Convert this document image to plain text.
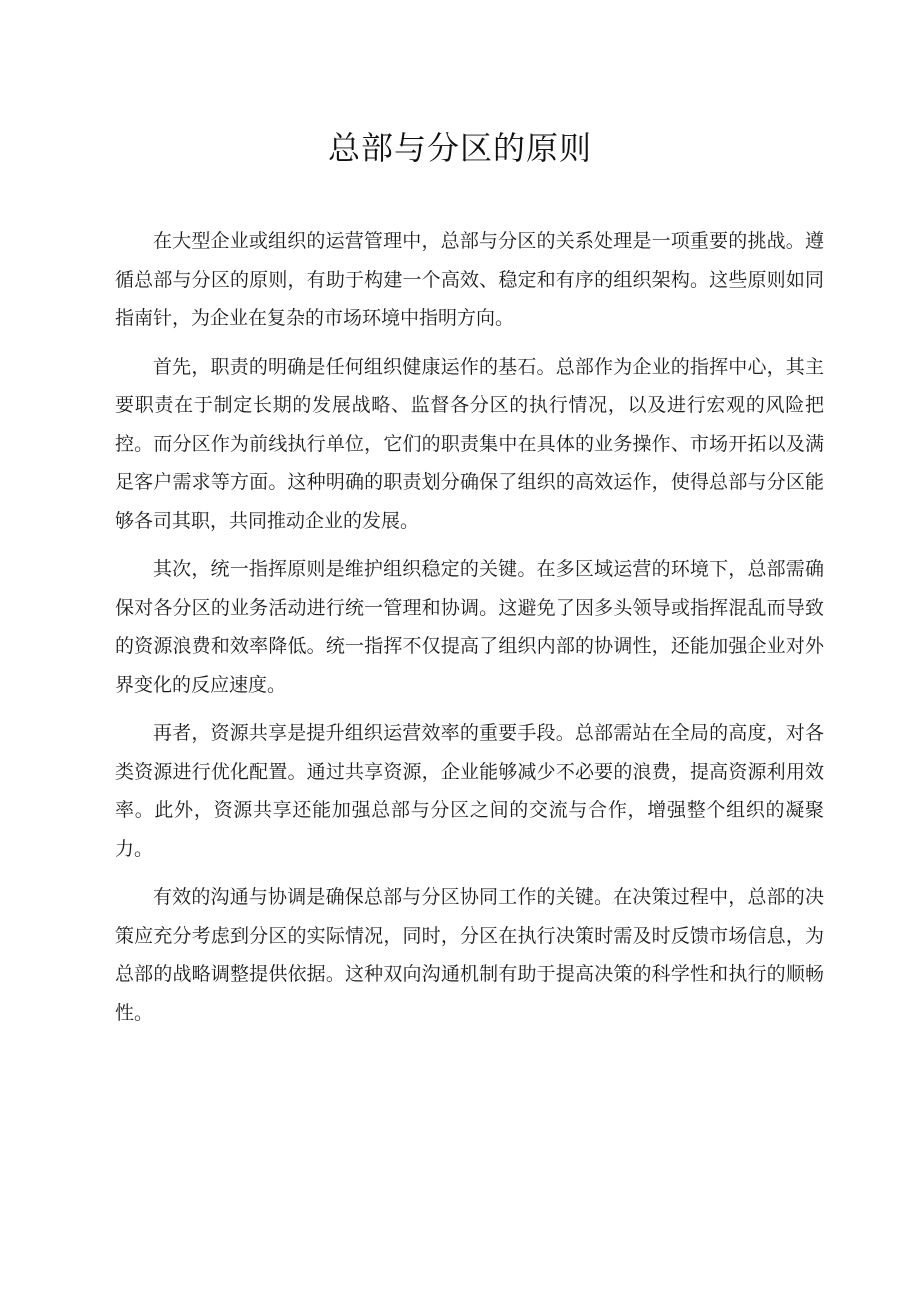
总部与分区的原则

在大型企业或组织的运营管理中，总部与分区的关系处理是一项重要的挑战。遵循总部与分区的原则，有助于构建一个高效、稳定和有序的组织架构。这些原则如同指南针，为企业在复杂的市场环境中指明方向。

首先，职责的明确是任何组织健康运作的基石。总部作为企业的指挥中心，其主要职责在于制定长期的发展战略、监督各分区的执行情况，以及进行宏观的风险把控。而分区作为前线执行单位，它们的职责集中在具体的业务操作、市场开拓以及满足客户需求等方面。这种明确的职责划分确保了组织的高效运作，使得总部与分区能够各司其职，共同推动企业的发展。

其次，统一指挥原则是维护组织稳定的关键。在多区域运营的环境下，总部需确保对各分区的业务活动进行统一管理和协调。这避免了因多头领导或指挥混乱而导致的资源浪费和效率降低。统一指挥不仅提高了组织内部的协调性，还能加强企业对外界变化的反应速度。

再者，资源共享是提升组织运营效率的重要手段。总部需站在全局的高度，对各类资源进行优化配置。通过共享资源，企业能够减少不必要的浪费，提高资源利用效率。此外，资源共享还能加强总部与分区之间的交流与合作，增强整个组织的凝聚力。

有效的沟通与协调是确保总部与分区协同工作的关键。在决策过程中，总部的决策应充分考虑到分区的实际情况，同时，分区在执行决策时需及时反馈市场信息，为总部的战略调整提供依据。这种双向沟通机制有助于提高决策的科学性和执行的顺畅性。
